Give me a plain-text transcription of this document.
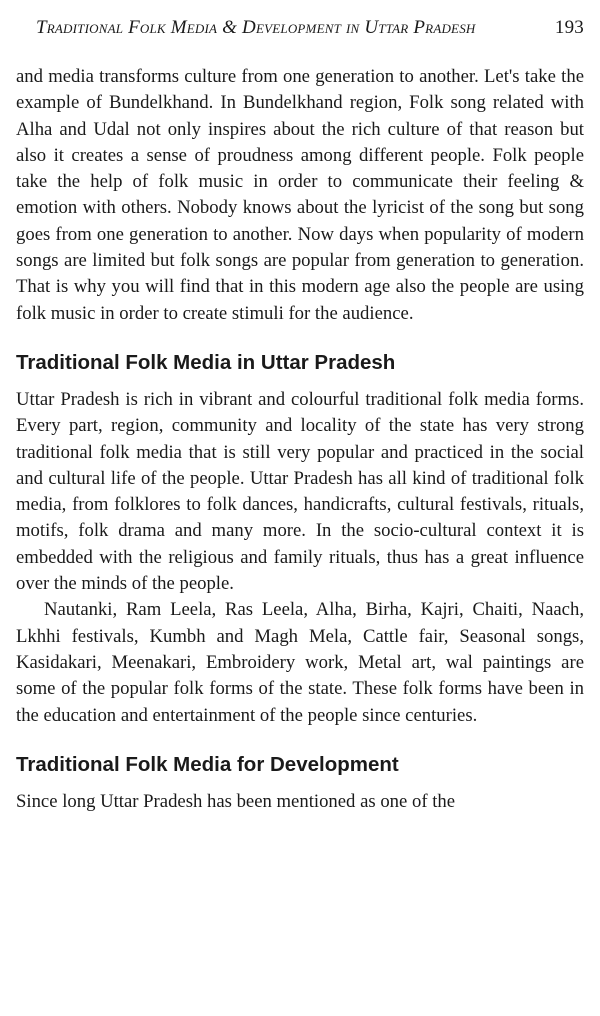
Traditional Folk Media & Development in Uttar Pradesh	193

and media transforms culture from one generation to another. Let's take the example of Bundelkhand. In Bundelkhand region, Folk song related with Alha and Udal not only inspires about the rich culture of that reason but also it creates a sense of proudness among different people. Folk people take the help of folk music in order to communicate their feeling & emotion with others. Nobody knows about the lyricist of the song but song goes from one generation to another. Now days when popularity of modern songs are limited but folk songs are popular from generation to generation. That is why you will find that in this modern age also the people are using folk music in order to create stimuli for the audience.

Traditional Folk Media in Uttar Pradesh

Uttar Pradesh is rich in vibrant and colourful traditional folk media forms. Every part, region, community and locality of the state has very strong traditional folk media that is still very popular and practiced in the social and cultural life of the people. Uttar Pradesh has all kind of traditional folk media, from folklores to folk dances, handicrafts, cultural festivals, rituals, motifs, folk drama and many more. In the socio-cultural context it is embedded with the religious and family rituals, thus has a great influence over the minds of the people.

Nautanki, Ram Leela, Ras Leela, Alha, Birha, Kajri, Chaiti, Naach, Lkhhi festivals, Kumbh and Magh Mela, Cattle fair, Seasonal songs, Kasidakari, Meenakari, Embroidery work, Metal art, wal paintings are some of the popular folk forms of the state. These folk forms have been in the education and entertainment of the people since centuries.

Traditional Folk Media for Development

Since long Uttar Pradesh has been mentioned as one of the
